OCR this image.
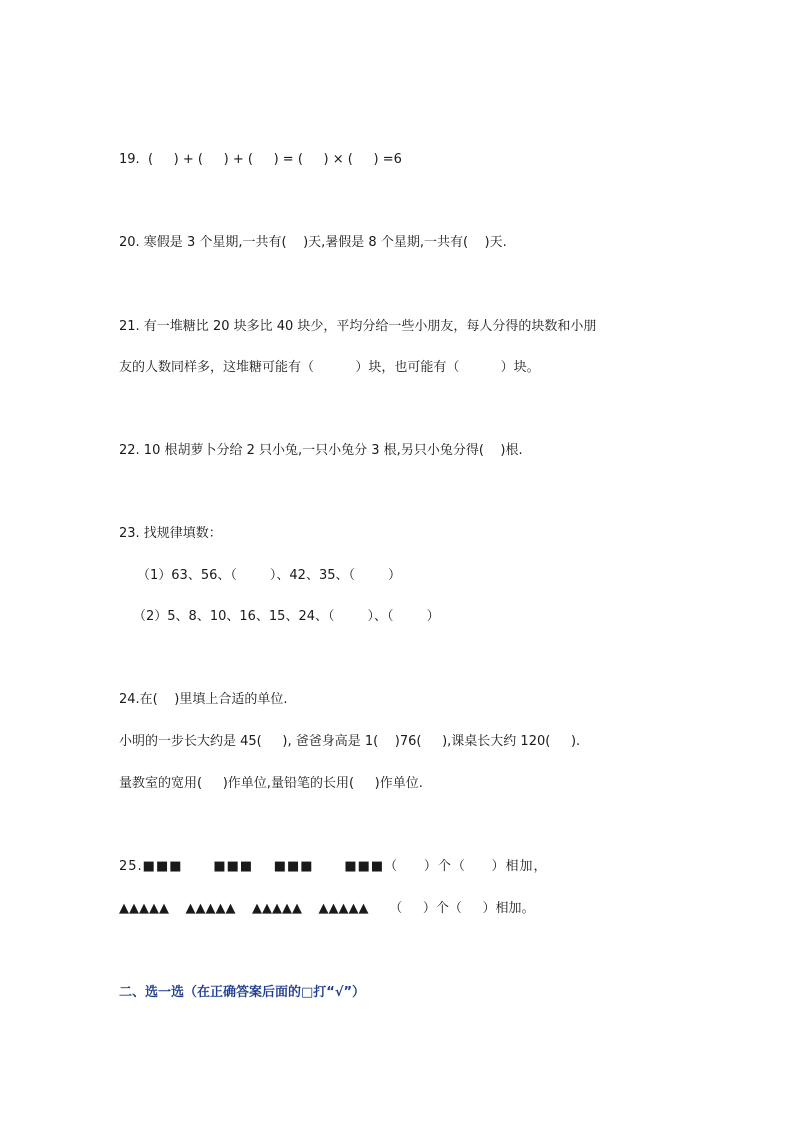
19.  (     ) + (     ) + (     ) = (     ) × (     ) =6
20. 寒假是 3 个星期,一共有(    )天,暑假是 8 个星期,一共有(    )天.
21. 有一堆糖比 20 块多比 40 块少，平均分给一些小朋友，每人分得的块数和小朋
友的人数同样多，这堆糖可能有（          ）块，也可能有（          ）块。
22. 10 根胡萝卜分给 2 只小兔,一只小兔分 3 根,另只小兔分得(    )根.
23. 找规律填数：
（1）63、56、（        ）、42、35、（        ）
（2）5、8、10、16、15、24、（        ）、（        ）
24.在(    )里填上合适的单位.
小明的一步长大约是 45(     ), 爸爸身高是 1(    )76(     ),课桌长大约 120(     ).
量教室的宽用(     )作单位,量铅笔的长用(     )作单位.
25.■■■      ■■■    ■■■      ■■■（     ）个（     ）相加，
▲▲▲▲▲    ▲▲▲▲▲    ▲▲▲▲▲    ▲▲▲▲▲     （     ）个（     ）相加。
二、选一选（在正确答案后面的□打“√”）
